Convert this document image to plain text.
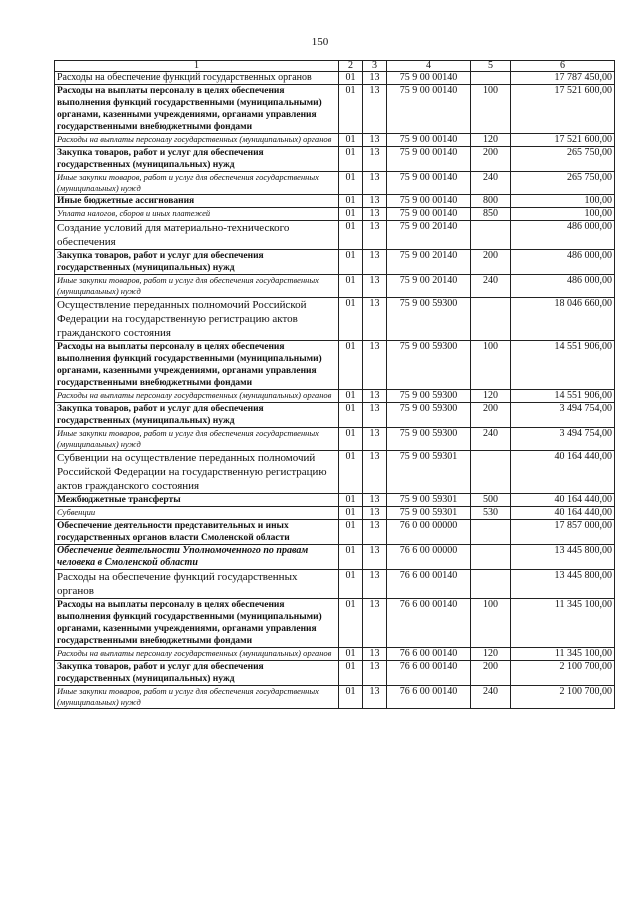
150
1	2	3	4	5	6
Расходы на обеспечение функций государственных органов	01	13	75 9 00 00140		17 787 450,00
Расходы на выплаты персоналу в целях обеспечения выполнения функций государственными (муниципальными) органами, казенными учреждениями, органами управления государственными внебюджетными фондами	01	13	75 9 00 00140	100	17 521 600,00
Расходы на выплаты персоналу государственных (муниципальных) органов	01	13	75 9 00 00140	120	17 521 600,00
Закупка товаров, работ и услуг для обеспечения государственных (муниципальных) нужд	01	13	75 9 00 00140	200	265 750,00
Иные закупки товаров, работ и услуг для обеспечения государственных (муниципальных) нужд	01	13	75 9 00 00140	240	265 750,00
Иные бюджетные ассигнования	01	13	75 9 00 00140	800	100,00
Уплата налогов, сборов и иных платежей	01	13	75 9 00 00140	850	100,00
Создание условий для материально-технического обеспечения	01	13	75 9 00 20140		486 000,00
Закупка товаров, работ и услуг для обеспечения государственных (муниципальных) нужд	01	13	75 9 00 20140	200	486 000,00
Иные закупки товаров, работ и услуг для обеспечения государственных (муниципальных) нужд	01	13	75 9 00 20140	240	486 000,00
Осуществление переданных полномочий Российской Федерации на государственную регистрацию актов гражданского состояния	01	13	75 9 00 59300		18 046 660,00
Расходы на выплаты персоналу в целях обеспечения выполнения функций государственными (муниципальными) органами, казенными учреждениями, органами управления государственными внебюджетными фондами	01	13	75 9 00 59300	100	14 551 906,00
Расходы на выплаты персоналу государственных (муниципальных) органов	01	13	75 9 00 59300	120	14 551 906,00
Закупка товаров, работ и услуг для обеспечения государственных (муниципальных) нужд	01	13	75 9 00 59300	200	3 494 754,00
Иные закупки товаров, работ и услуг для обеспечения государственных (муниципальных) нужд	01	13	75 9 00 59300	240	3 494 754,00
Субвенции на осуществление переданных полномочий Российской Федерации на государственную регистрацию актов гражданского состояния	01	13	75 9 00 59301		40 164 440,00
Межбюджетные трансферты	01	13	75 9 00 59301	500	40 164 440,00
Субвенции	01	13	75 9 00 59301	530	40 164 440,00
Обеспечение деятельности представительных и иных государственных органов власти Смоленской области	01	13	76 0 00 00000		17 857 000,00
Обеспечение деятельности Уполномоченного по правам человека в Смоленской области	01	13	76 6 00 00000		13 445 800,00
Расходы на обеспечение функций государственных органов	01	13	76 6 00 00140		13 445 800,00
Расходы на выплаты персоналу в целях обеспечения выполнения функций государственными (муниципальными) органами, казенными учреждениями, органами управления государственными внебюджетными фондами	01	13	76 6 00 00140	100	11 345 100,00
Расходы на выплаты персоналу государственных (муниципальных) органов	01	13	76 6 00 00140	120	11 345 100,00
Закупка товаров, работ и услуг для обеспечения государственных (муниципальных) нужд	01	13	76 6 00 00140	200	2 100 700,00
Иные закупки товаров, работ и услуг для обеспечения государственных (муниципальных) нужд	01	13	76 6 00 00140	240	2 100 700,00
